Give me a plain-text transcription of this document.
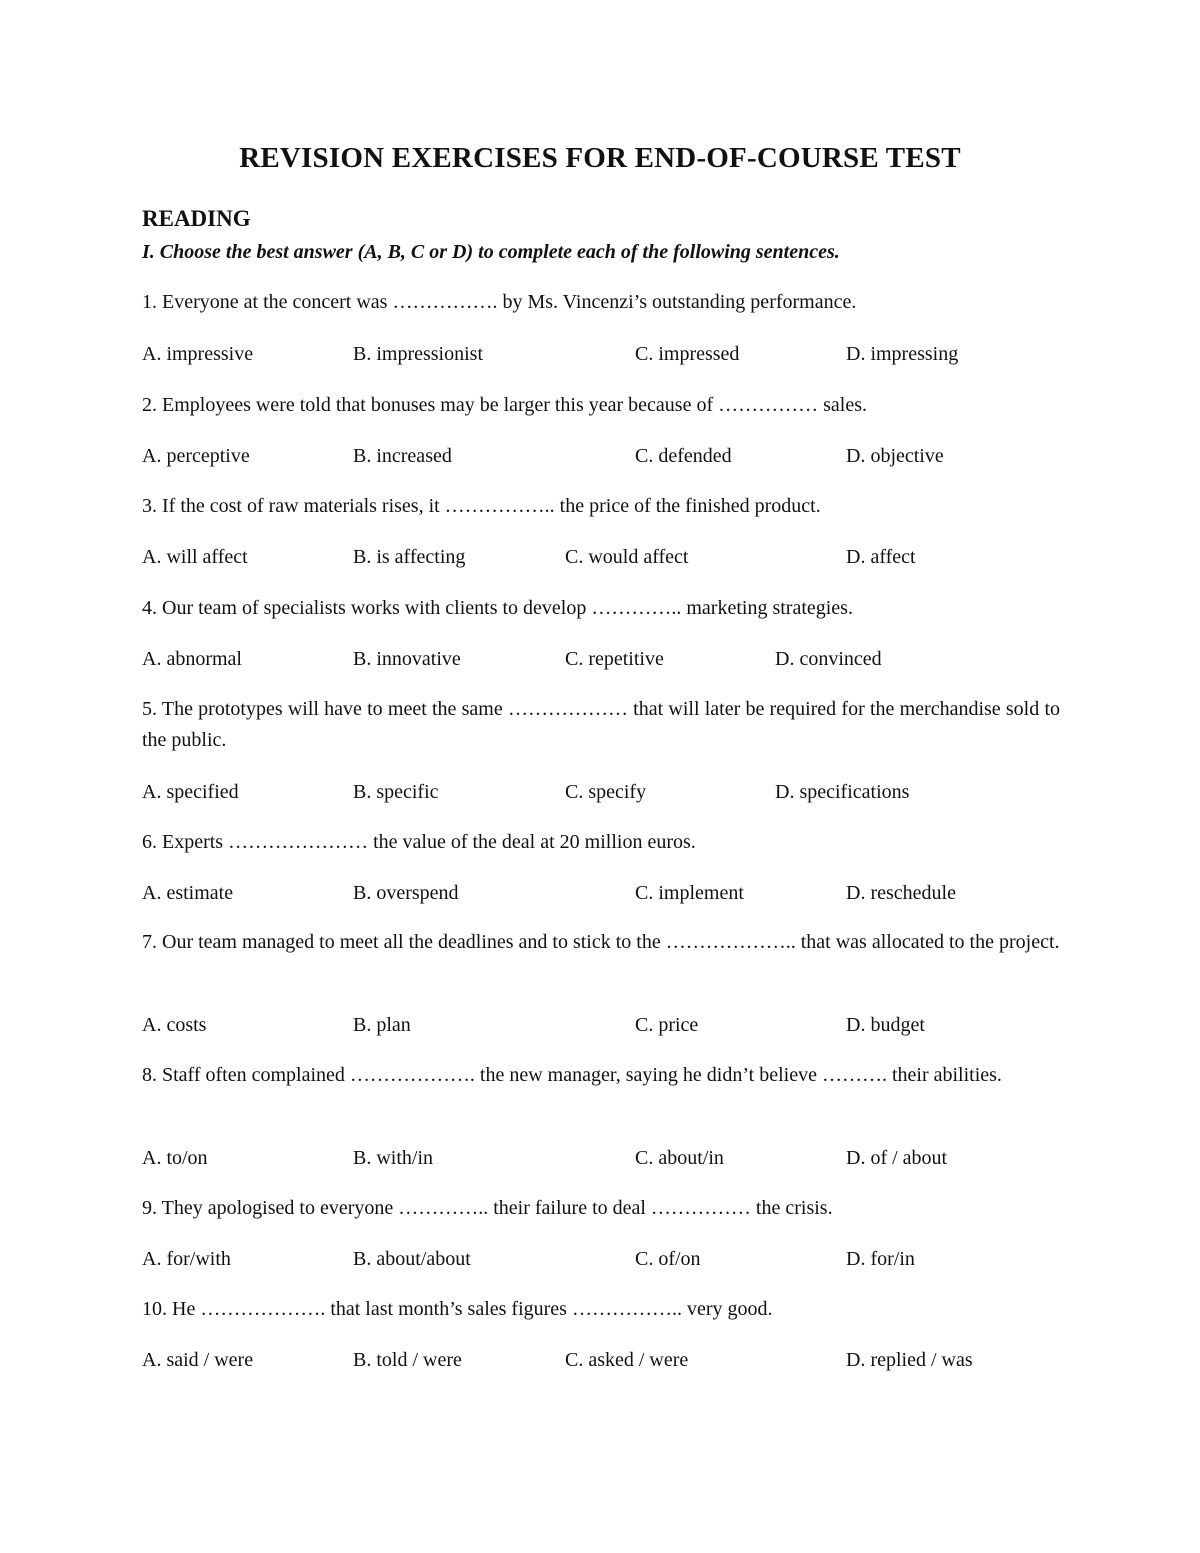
REVISION EXERCISES FOR END-OF-COURSE TEST
READING
I. Choose the best answer (A, B, C or D) to complete each of the following sentences.
1. Everyone at the concert was ……………. by Ms. Vincenzi’s outstanding performance.
A. impressive	B. impressionist	C. impressed	D. impressing
2. Employees were told that bonuses may be larger this year because of …………… sales.
A. perceptive	B. increased	C. defended	D. objective
3. If the cost of raw materials rises, it …………….. the price of the finished product.
A. will affect	B. is affecting	C. would affect	D. affect
4. Our team of specialists works with clients to develop ………….. marketing strategies.
A. abnormal	B. innovative	C. repetitive	D. convinced
5. The prototypes will have to meet the same ……………… that will later be required for the merchandise sold to the public.
A. specified	B. specific	C. specify	D. specifications
6. Experts ………………… the value of the deal at 20 million euros.
A. estimate	B. overspend	C. implement	D. reschedule
7. Our team managed to meet all the deadlines and to stick to the ……………….. that was allocated to the project.
A. costs	B. plan	C. price	D. budget
8. Staff often complained ………………. the new manager, saying he didn’t believe ………. their abilities.
A. to/on	B. with/in	C. about/in	D. of / about
9. They apologised to everyone ………….. their failure to deal …………… the crisis.
A. for/with	B. about/about	C. of/on	D. for/in
10. He ………………. that last month’s sales figures …………….. very good.
A. said / were	B. told / were	C. asked / were	D. replied / was
